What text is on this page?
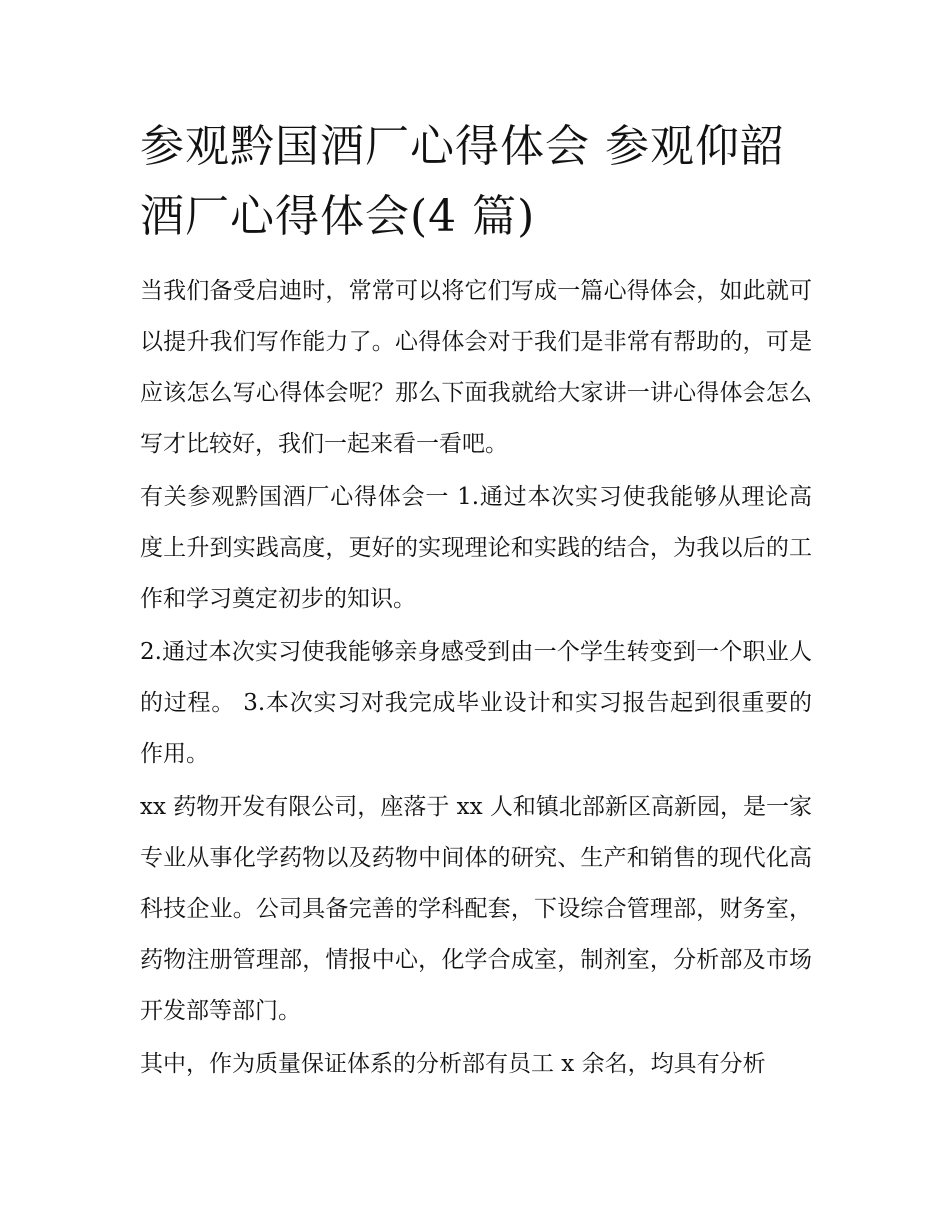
参观黔国酒厂心得体会 参观仰韶酒厂心得体会(4 篇)

当我们备受启迪时，常常可以将它们写成一篇心得体会，如此就可以提升我们写作能力了。心得体会对于我们是非常有帮助的，可是应该怎么写心得体会呢？那么下面我就给大家讲一讲心得体会怎么写才比较好，我们一起来看一看吧。

有关参观黔国酒厂心得体会一 1.通过本次实习使我能够从理论高度上升到实践高度，更好的实现理论和实践的结合，为我以后的工作和学习奠定初步的知识。

2.通过本次实习使我能够亲身感受到由一个学生转变到一个职业人的过程。 3.本次实习对我完成毕业设计和实习报告起到很重要的作用。

xx 药物开发有限公司，座落于 xx 人和镇北部新区高新园，是一家专业从事化学药物以及药物中间体的研究、生产和销售的现代化高科技企业。公司具备完善的学科配套，下设综合管理部，财务室，药物注册管理部，情报中心，化学合成室，制剂室，分析部及市场开发部等部门。

其中，作为质量保证体系的分析部有员工 x 余名，均具有分析
